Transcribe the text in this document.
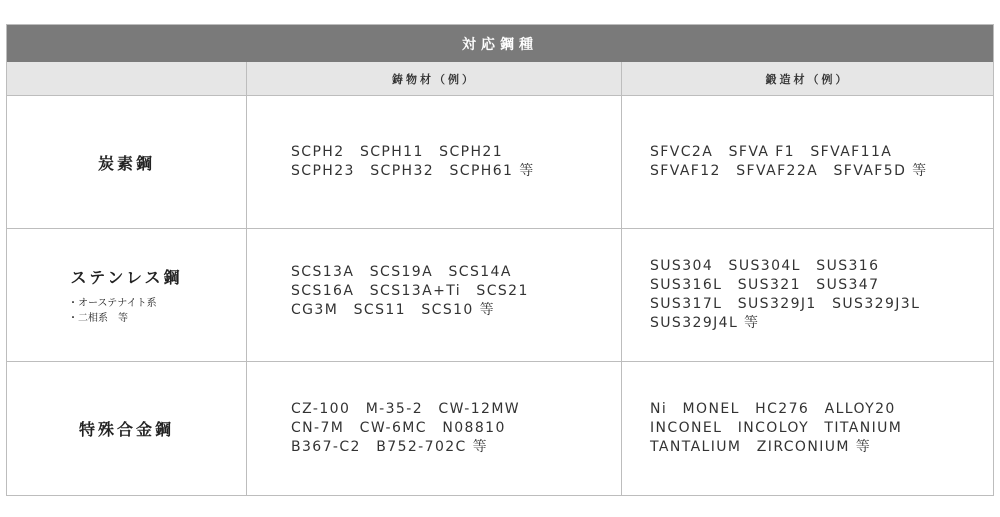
対応鋼種
鋳物材（例）	鍛造材（例）
炭素鋼
SCPH2　SCPH11　SCPH21
SCPH23　SCPH32　SCPH61 等
SFVC2A　SFVA F1　SFVAF11A
SFVAF12　SFVAF22A　SFVAF5D 等
ステンレス鋼
・オーステナイト系
・二相系　等
SCS13A　SCS19A　SCS14A
SCS16A　SCS13A+Ti　SCS21
CG3M　SCS11　SCS10 等
SUS304　SUS304L　SUS316
SUS316L　SUS321　SUS347
SUS317L　SUS329J1　SUS329J3L
SUS329J4L 等
特殊合金鋼
CZ-100　M-35-2　CW-12MW
CN-7M　CW-6MC　N08810
B367-C2　B752-702C 等
Ni　MONEL　HC276　ALLOY20
INCONEL　INCOLOY　TITANIUM
TANTALIUM　ZIRCONIUM 等
